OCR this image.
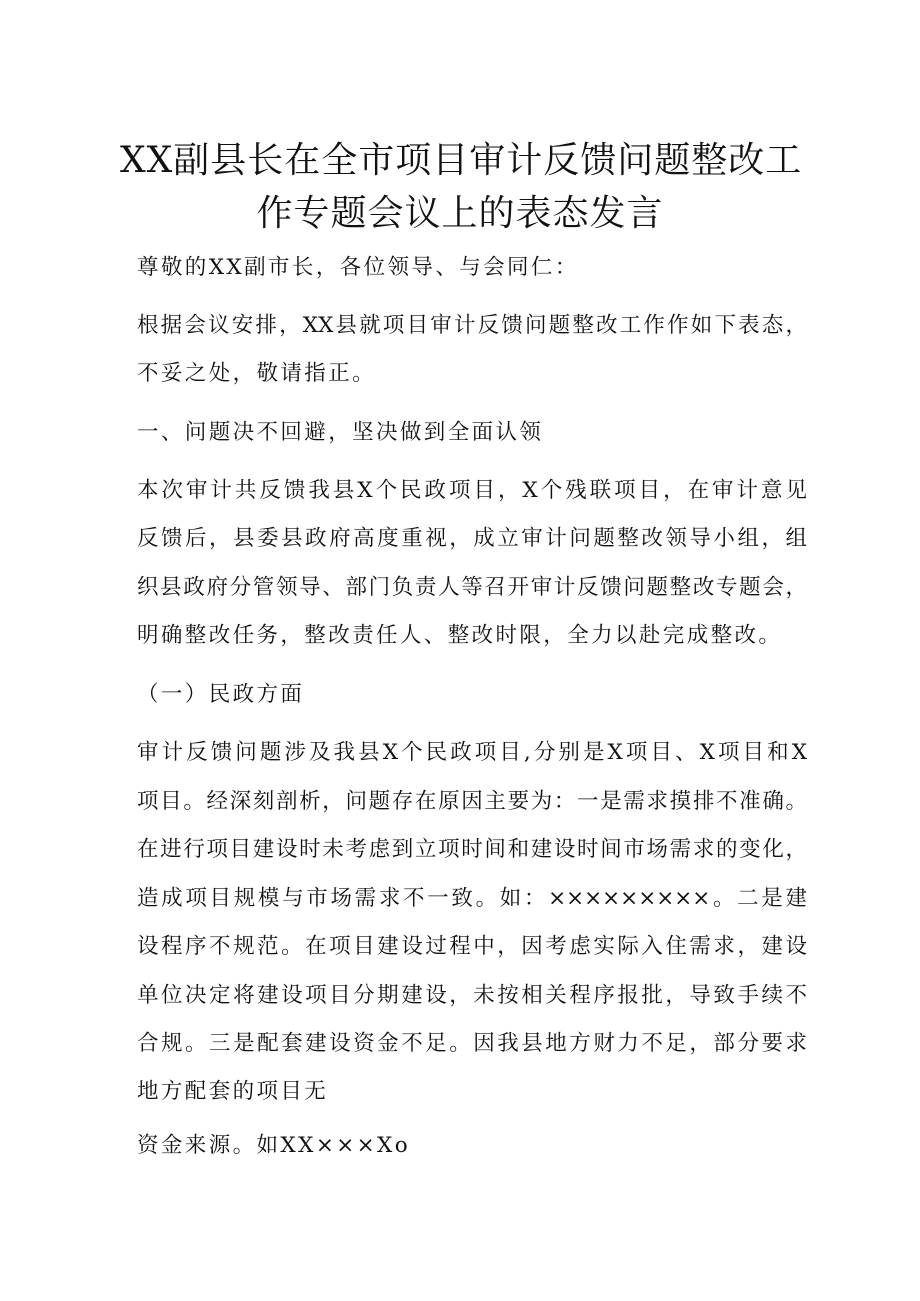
XX副县长在全市项目审计反馈问题整改工
作专题会议上的表态发言
尊敬的XX副市长，各位领导、与会同仁：
根据会议安排，XX县就项目审计反馈问题整改工作作如下表态，
不妥之处，敬请指正。
一、问题决不回避，坚决做到全面认领
本次审计共反馈我县X个民政项目，X个残联项目，在审计意见
反馈后，县委县政府高度重视，成立审计问题整改领导小组，组
织县政府分管领导、部门负责人等召开审计反馈问题整改专题会，
明确整改任务，整改责任人、整改时限，全力以赴完成整改。
（一）民政方面
审计反馈问题涉及我县X个民政项目,分别是X项目、X项目和X
项目。经深刻剖析，问题存在原因主要为：一是需求摸排不准确。
在进行项目建设时未考虑到立项时间和建设时间市场需求的变化，
造成项目规模与市场需求不一致。如：×××××××××。二是建
设程序不规范。在项目建设过程中，因考虑实际入住需求，建设
单位决定将建设项目分期建设，未按相关程序报批，导致手续不
合规。三是配套建设资金不足。因我县地方财力不足，部分要求
地方配套的项目无
资金来源。如XX×××Xo
